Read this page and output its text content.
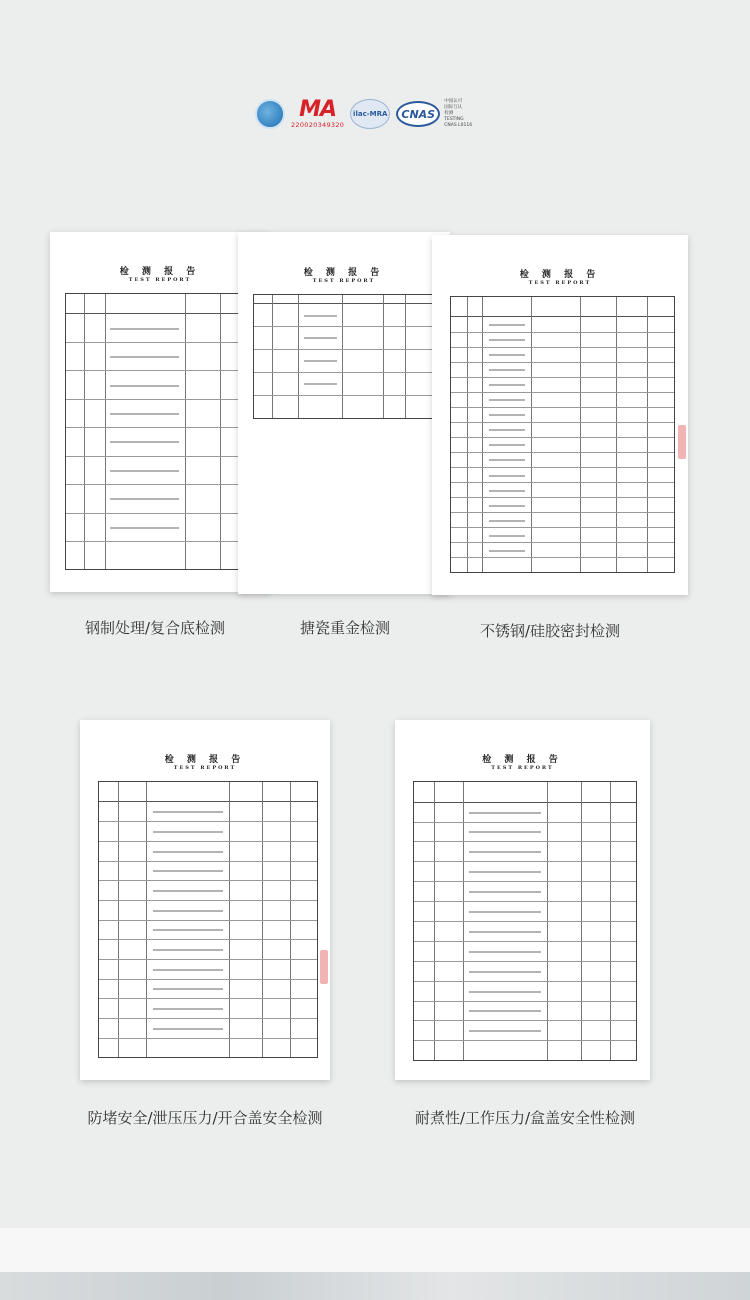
MA
220020349320
ilac-MRA	CNAS
中国认可
国际互认
检测
TESTING
CNAS L0116
检 测 报 告
TEST REPORT
检 测 报 告
TEST REPORT
检 测 报 告
TEST REPORT
钢制处理/复合底检测	搪瓷重金检测	不锈钢/硅胶密封检测
检 测 报 告
TEST REPORT
检 测 报 告
TEST REPORT
防堵安全/泄压压力/开合盖安全检测	耐煮性/工作压力/盒盖安全性检测
